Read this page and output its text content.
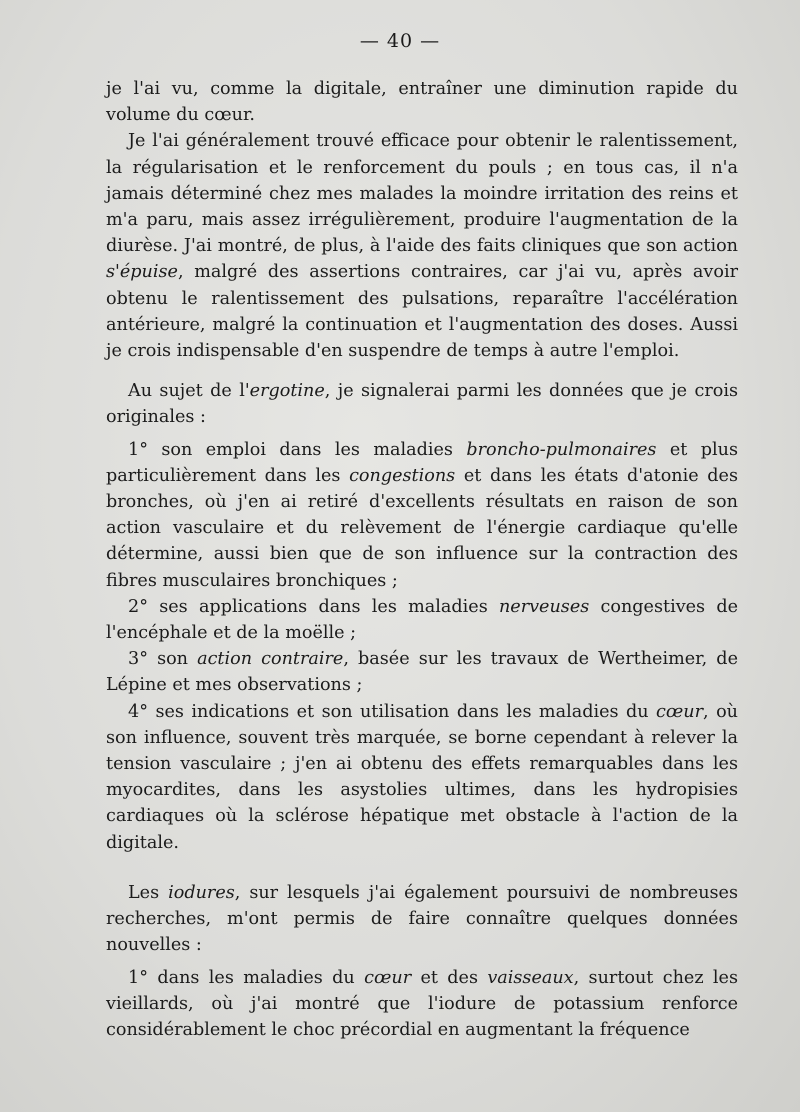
— 40 —

je l'ai vu, comme la digitale, entraîner une diminution rapide du volume du cœur.

Je l'ai généralement trouvé efficace pour obtenir le ralentissement, la régularisation et le renforcement du pouls ; en tous cas, il n'a jamais déterminé chez mes malades la moindre irritation des reins et m'a paru, mais assez irrégulièrement, produire l'augmentation de la diurèse. J'ai montré, de plus, à l'aide des faits cliniques que son action s'épuise, malgré des assertions contraires, car j'ai vu, après avoir obtenu le ralentissement des pulsations, reparaître l'accélération antérieure, malgré la continuation et l'augmentation des doses. Aussi je crois indispensable d'en suspendre de temps à autre l'emploi.

Au sujet de l'ergotine, je signalerai parmi les données que je crois originales :

1° son emploi dans les maladies broncho-pulmonaires et plus particulièrement dans les congestions et dans les états d'atonie des bronches, où j'en ai retiré d'excellents résultats en raison de son action vasculaire et du relèvement de l'énergie cardiaque qu'elle détermine, aussi bien que de son influence sur la contraction des fibres musculaires bronchiques ;

2° ses applications dans les maladies nerveuses congestives de l'encéphale et de la moëlle ;

3° son action contraire, basée sur les travaux de Wertheimer, de Lépine et mes observations ;

4° ses indications et son utilisation dans les maladies du cœur, où son influence, souvent très marquée, se borne cependant à relever la tension vasculaire ; j'en ai obtenu des effets remarquables dans les myocardites, dans les asystolies ultimes, dans les hydropisies cardiaques où la sclérose hépatique met obstacle à l'action de la digitale.

Les iodures, sur lesquels j'ai également poursuivi de nombreuses recherches, m'ont permis de faire connaître quelques données nouvelles :

1° dans les maladies du cœur et des vaisseaux, surtout chez les vieillards, où j'ai montré que l'iodure de potassium renforce considérablement le choc précordial en augmentant la fréquence
